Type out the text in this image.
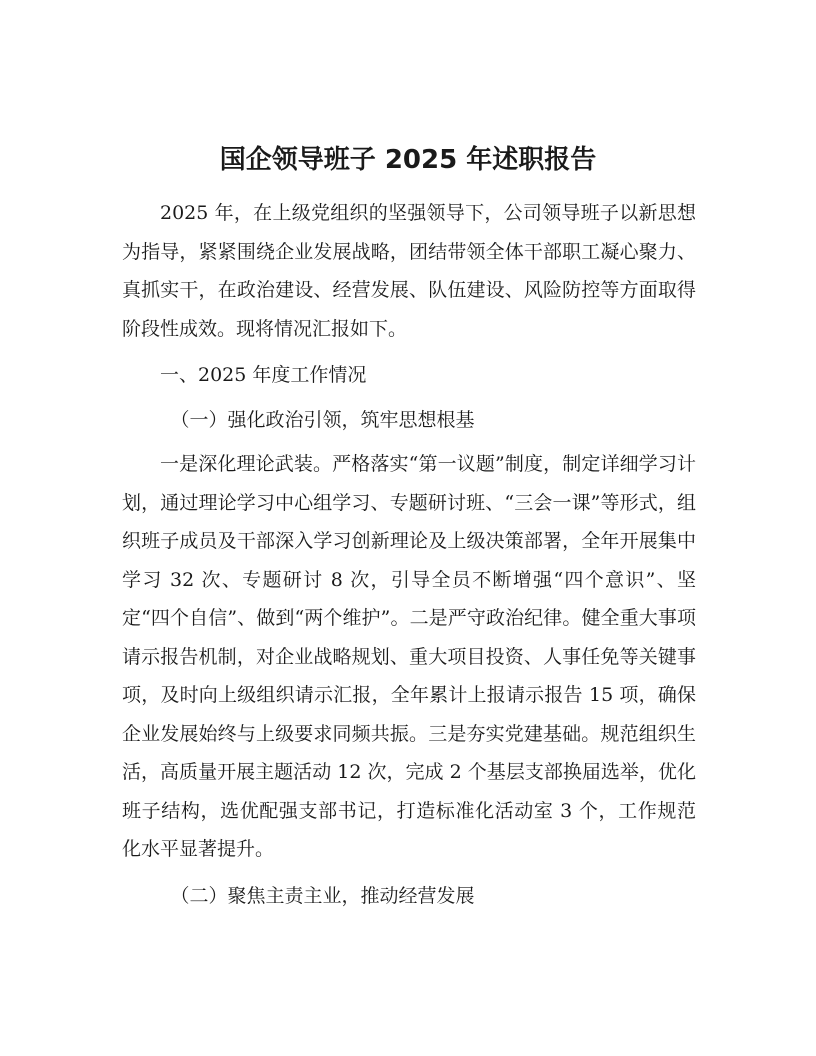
国企领导班子 2025 年述职报告

2025 年，在上级党组织的坚强领导下，公司领导班子以新思想为指导，紧紧围绕企业发展战略，团结带领全体干部职工凝心聚力、真抓实干，在政治建设、经营发展、队伍建设、风险防控等方面取得阶段性成效。现将情况汇报如下。

一、2025 年度工作情况

（一）强化政治引领，筑牢思想根基

一是深化理论武装。严格落实“第一议题”制度，制定详细学习计划，通过理论学习中心组学习、专题研讨班、“三会一课”等形式，组织班子成员及干部深入学习创新理论及上级决策部署，全年开展集中学习 32 次、专题研讨 8 次，引导全员不断增强“四个意识”、坚定“四个自信”、做到“两个维护”。二是严守政治纪律。健全重大事项请示报告机制，对企业战略规划、重大项目投资、人事任免等关键事项，及时向上级组织请示汇报，全年累计上报请示报告 15 项，确保企业发展始终与上级要求同频共振。三是夯实党建基础。规范组织生活，高质量开展主题活动 12 次，完成 2 个基层支部换届选举，优化班子结构，选优配强支部书记，打造标准化活动室 3 个，工作规范化水平显著提升。

（二）聚焦主责主业，推动经营发展
